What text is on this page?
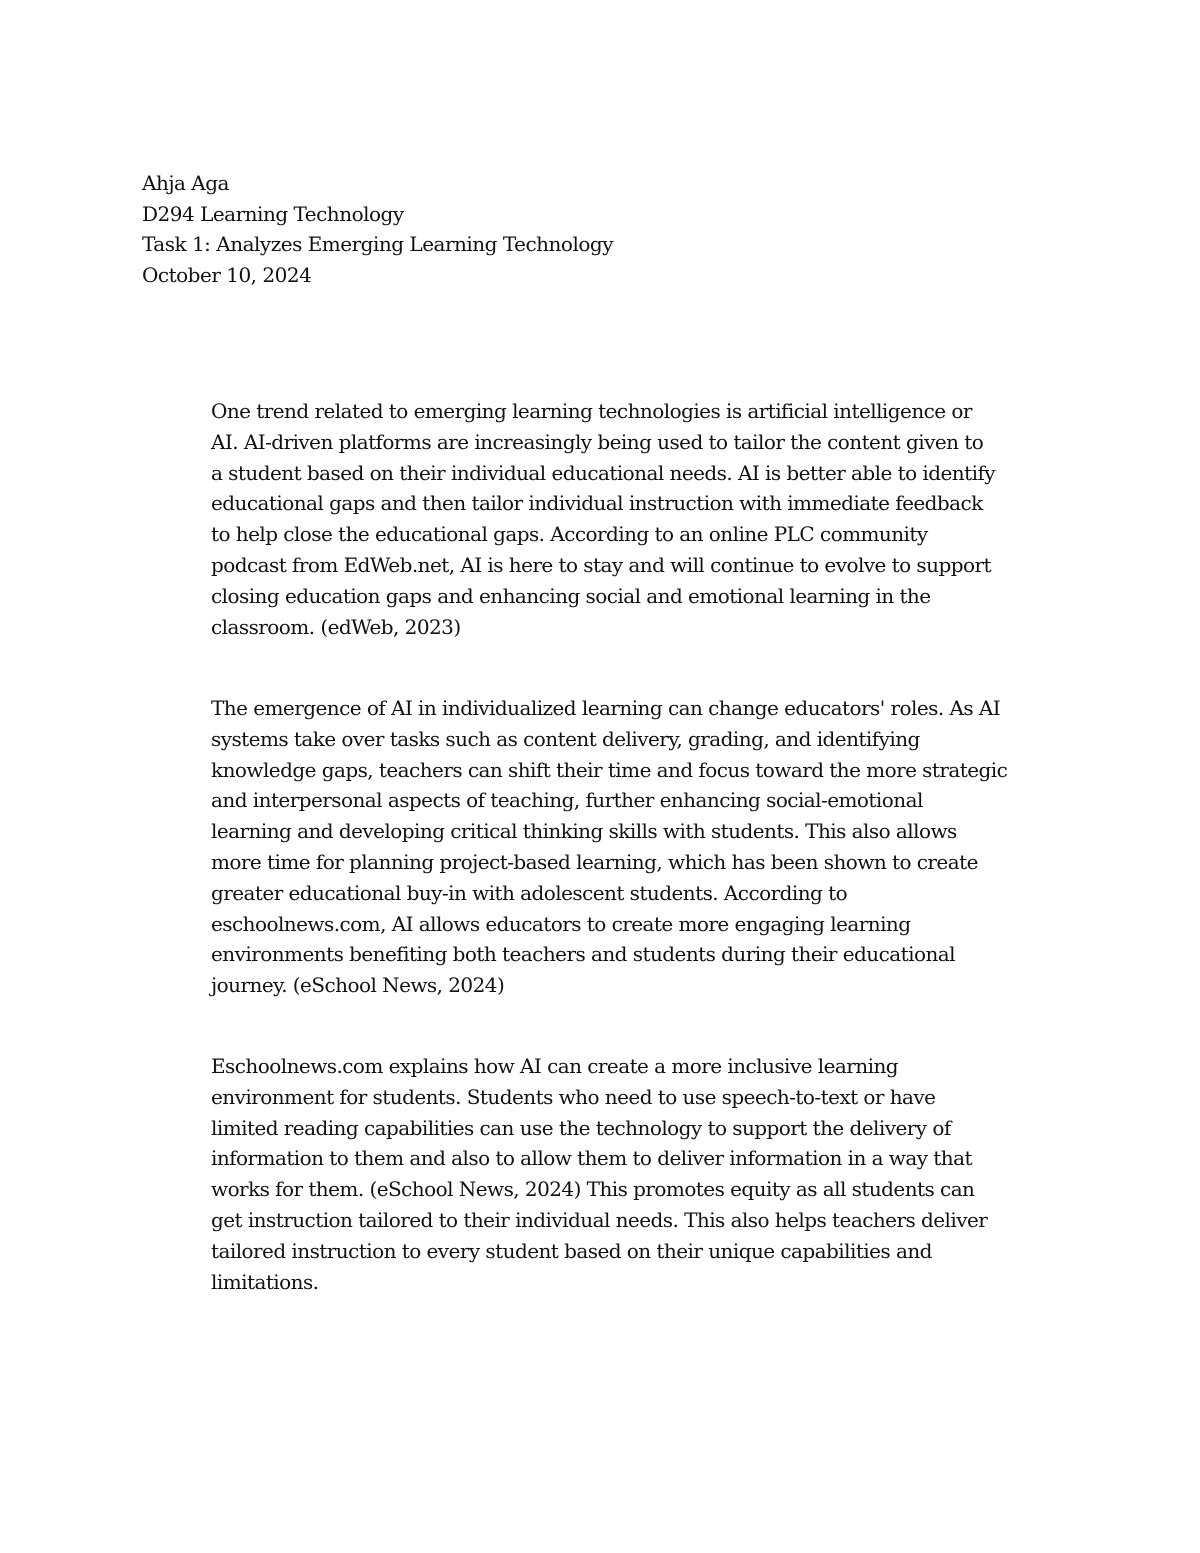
Ahja Aga

D294 Learning Technology

Task 1: Analyzes Emerging Learning Technology

October 10, 2024

One trend related to emerging learning technologies is artificial intelligence or
AI. AI-driven platforms are increasingly being used to tailor the content given to
a student based on their individual educational needs. AI is better able to identify
educational gaps and then tailor individual instruction with immediate feedback
to help close the educational gaps. According to an online PLC community
podcast from EdWeb.net, AI is here to stay and will continue to evolve to support
closing education gaps and enhancing social and emotional learning in the
classroom. (edWeb, 2023)
The emergence of AI in individualized learning can change educators' roles. As AI
systems take over tasks such as content delivery, grading, and identifying
knowledge gaps, teachers can shift their time and focus toward the more strategic
and interpersonal aspects of teaching, further enhancing social-emotional
learning and developing critical thinking skills with students. This also allows
more time for planning project-based learning, which has been shown to create
greater educational buy-in with adolescent students. According to
eschoolnews.com, AI allows educators to create more engaging learning
environments benefiting both teachers and students during their educational
journey. (eSchool News, 2024)
Eschoolnews.com explains how AI can create a more inclusive learning
environment for students. Students who need to use speech-to-text or have
limited reading capabilities can use the technology to support the delivery of
information to them and also to allow them to deliver information in a way that
works for them. (eSchool News, 2024) This promotes equity as all students can
get instruction tailored to their individual needs. This also helps teachers deliver
tailored instruction to every student based on their unique capabilities and
limitations.
